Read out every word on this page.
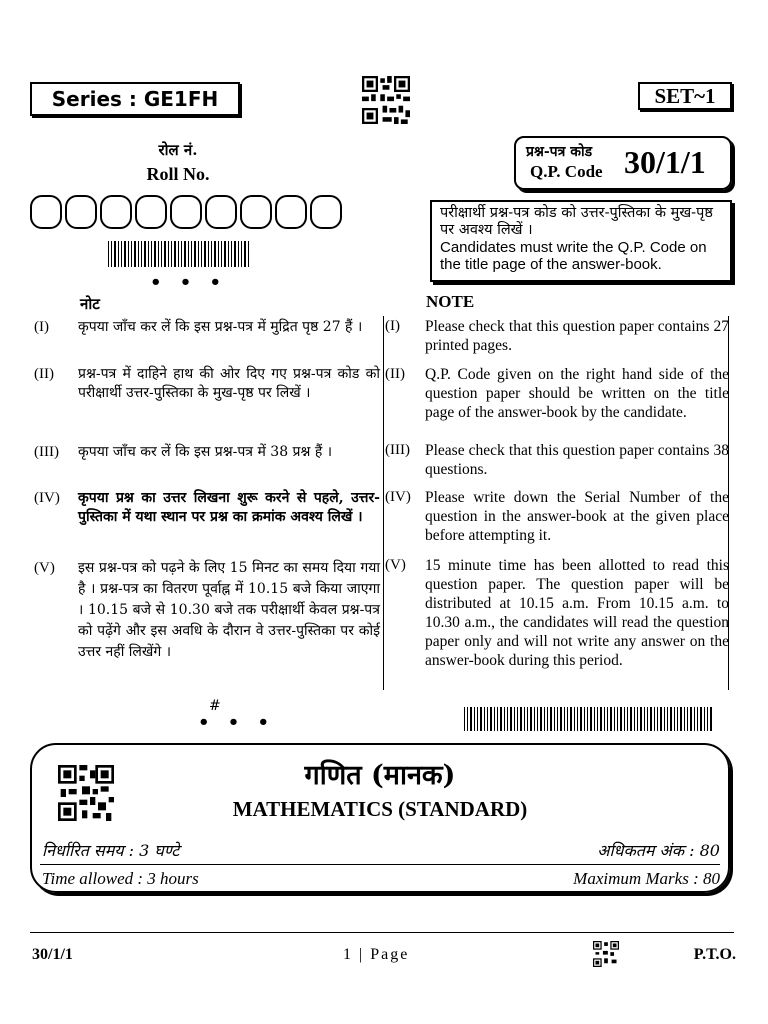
Series : GE1FH	SET~1
रोल नं.
Roll No.
• • •
प्रश्न-पत्र कोड
Q.P. Code 30/1/1
परीक्षार्थी प्रश्न-पत्र कोड को उत्तर-पुस्तिका के मुख-पृष्ठ पर अवश्य लिखें ।
Candidates must write the Q.P. Code on the title page of the answer-book.
नोट	NOTE
(I) कृपया जाँच कर लें कि इस प्रश्न-पत्र में मुद्रित पृष्ठ 27 हैं ।
(II) प्रश्न-पत्र में दाहिने हाथ की ओर दिए गए प्रश्न-पत्र कोड को परीक्षार्थी उत्तर-पुस्तिका के मुख-पृष्ठ पर लिखें ।
(III) कृपया जाँच कर लें कि इस प्रश्न-पत्र में 38 प्रश्न हैं ।
(IV) कृपया प्रश्न का उत्तर लिखना शुरू करने से पहले, उत्तर-पुस्तिका में यथा स्थान पर प्रश्न का क्रमांक अवश्य लिखें ।
(V) इस प्रश्न-पत्र को पढ़ने के लिए 15 मिनट का समय दिया गया है । प्रश्न-पत्र का वितरण पूर्वाह्न में 10.15 बजे किया जाएगा । 10.15 बजे से 10.30 बजे तक परीक्षार्थी केवल प्रश्न-पत्र को पढ़ेंगे और इस अवधि के दौरान वे उत्तर-पुस्तिका पर कोई उत्तर नहीं लिखेंगे ।
(I) Please check that this question paper contains 27 printed pages.
(II) Q.P. Code given on the right hand side of the question paper should be written on the title page of the answer-book by the candidate.
(III) Please check that this question paper contains 38 questions.
(IV) Please write down the Serial Number of the question in the answer-book at the given place before attempting it.
(V) 15 minute time has been allotted to read this question paper. The question paper will be distributed at 10.15 a.m. From 10.15 a.m. to 10.30 a.m., the candidates will read the question paper only and will not write any answer on the answer-book during this period.
#
• • •
गणित (मानक)
MATHEMATICS (STANDARD)
निर्धारित समय : 3 घण्टे	अधिकतम अंक : 80
Time allowed : 3 hours	Maximum Marks : 80
30/1/1	1 | Page	P.T.O.
